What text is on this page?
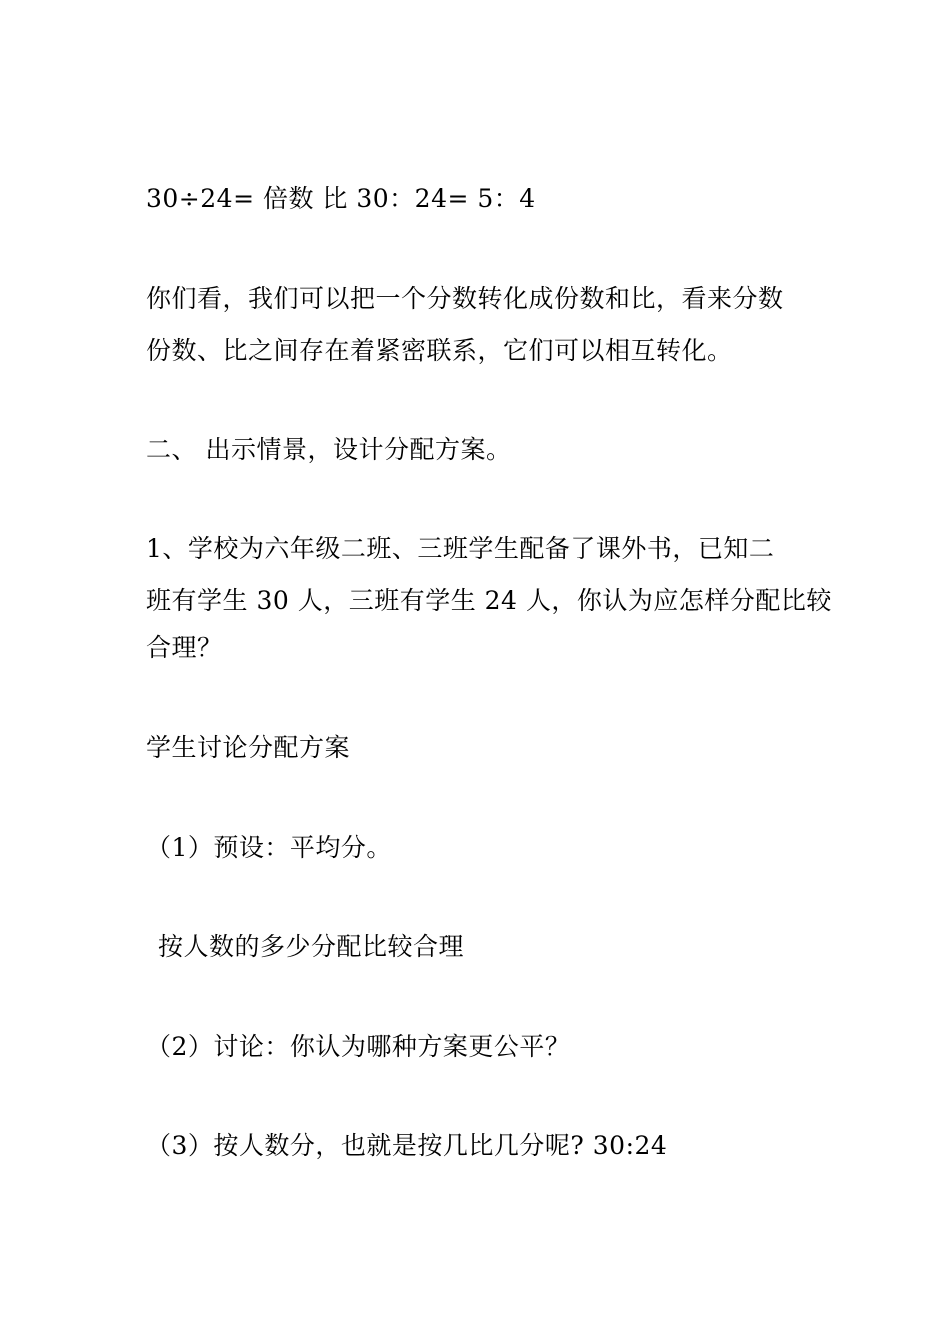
30÷24= 倍数 比 30：24= 5：4
你们看，我们可以把一个分数转化成份数和比，看来分数
份数、比之间存在着紧密联系，它们可以相互转化。
二、 出示情景，设计分配方案。
1、学校为六年级二班、三班学生配备了课外书，已知二
班有学生 30 人，三班有学生 24 人，你认为应怎样分配比较
合理？
学生讨论分配方案
（1）预设：平均分。
按人数的多少分配比较合理
（2）讨论：你认为哪种方案更公平？
（3）按人数分，也就是按几比几分呢? 30:24
